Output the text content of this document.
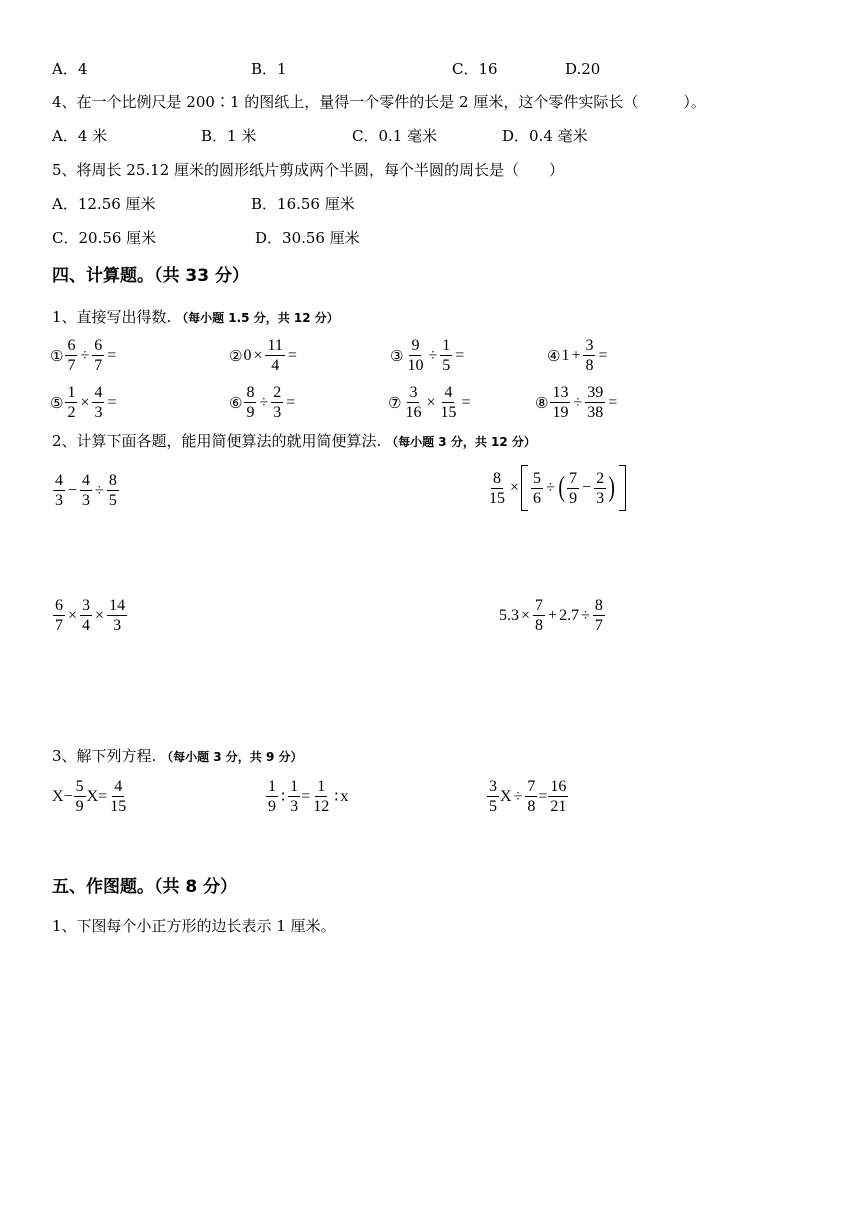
A．4	B．1	C．16	D.20
4、在一个比例尺是 200∶1 的图纸上，量得一个零件的长是 2 厘米，这个零件实际长（　　　）。
A．4 米	B．1 米	C．0.1 毫米	D．0.4 毫米
5、将周长 25.12 厘米的圆形纸片剪成两个半圆，每个半圆的周长是（　　）
A．12.56 厘米	B．16.56 厘米
C．20.56 厘米	D．30.56 厘米
四、计算题。（共 33 分）
1、直接写出得数. （每小题 1.5 分，共 12 分）
① $\frac{6}{7} \div \frac{6}{7}$ =	② $0 \times \frac{11}{4}$ =	③ $\frac{9}{10} \div \frac{1}{5}$ =	④ $1 + \frac{3}{8}$ =
⑤ $\frac{1}{2} \times \frac{4}{3}$ =	⑥ $\frac{8}{9} \div \frac{2}{3}$ =	⑦ $\frac{3}{16} \times \frac{4}{15}$ =	⑧ $\frac{13}{19} \div \frac{39}{38}$ =
2、计算下面各题，能用简便算法的就用简便算法. （每小题 3 分，共 12 分）
$\frac{4}{3} - \frac{4}{3} \div \frac{8}{5}$	$\frac{8}{15} \times \frac{5}{6}$ ÷ ( $\frac{7}{9} - \frac{2}{3}$ )
$\frac{6}{7} \times \frac{3}{4} \times \frac{14}{3}$	$5.3 \times \frac{7}{8} + 2.7 \div \frac{8}{7}$
3、解下列方程. （每小题 3 分，共 9 分）
$X - \frac{5}{9}$ $X = \frac{4}{15}$	$\frac{1}{9}$ ∶ $\frac{1}{3} = \frac{1}{12}$ ∶ x	$\frac{3}{5}$ $X \div \frac{7}{8} = \frac{16}{21}$
五、作图题。（共 8 分）
1、下图每个小正方形的边长表示 1 厘米。
